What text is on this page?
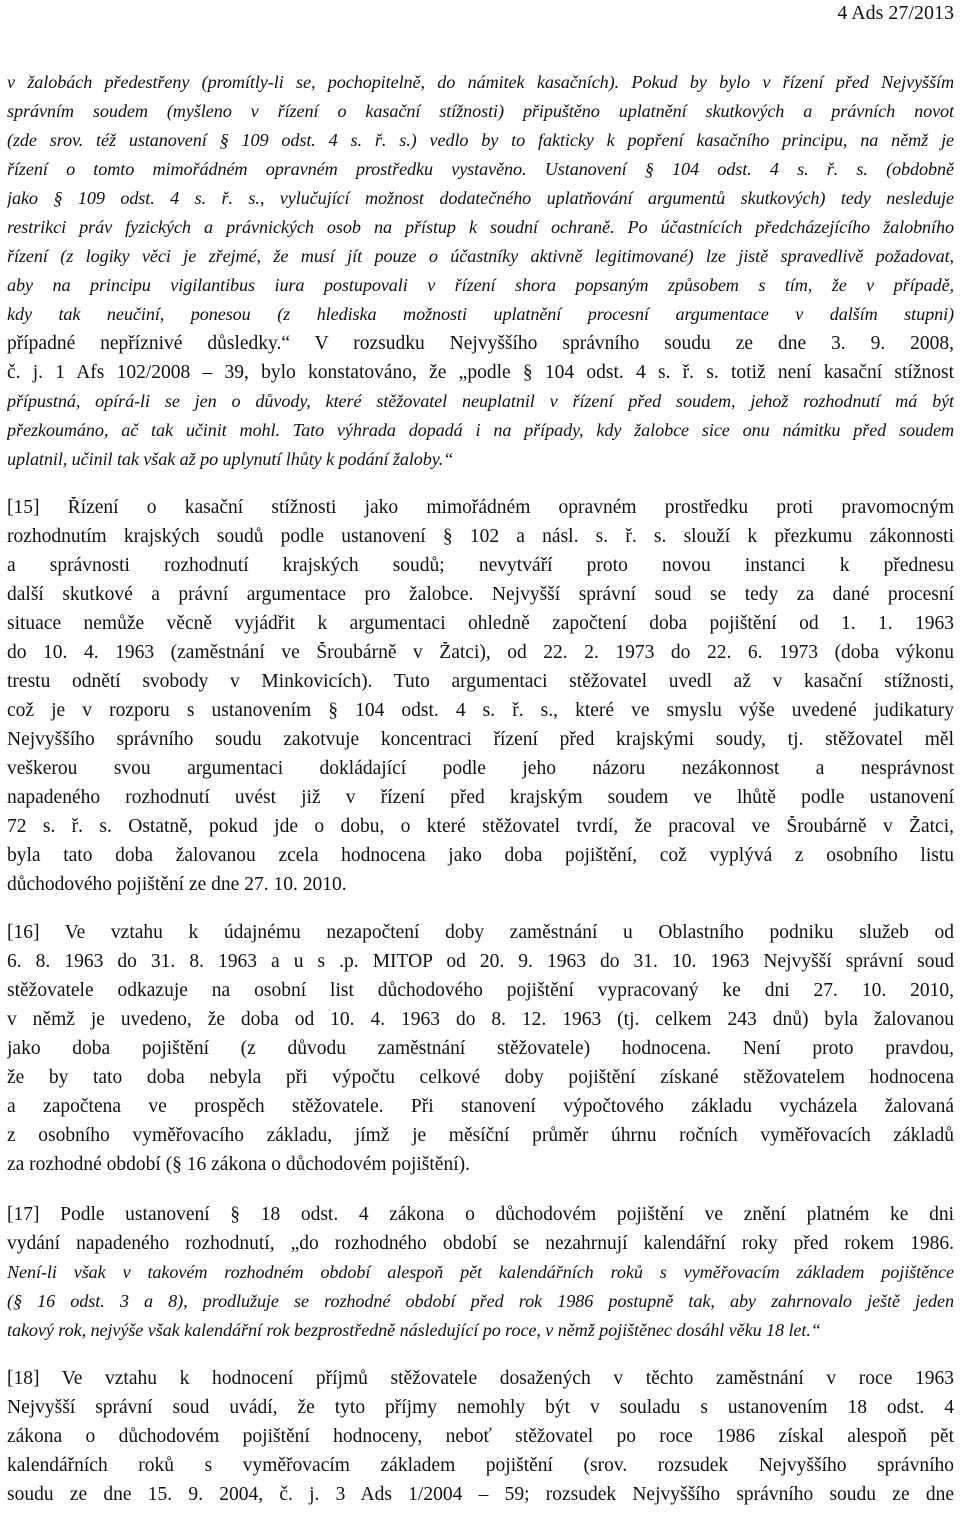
4 Ads 27/2013
v žalobách předestřeny (promítly-li se, pochopitelně, do námitek kasačních). Pokud by bylo v řízení před Nejvyšším
správním soudem (myšleno v řízení o kasační stížnosti) připuštěno uplatnění skutkových a právních novot
(zde srov. též ustanovení § 109 odst. 4 s. ř. s.) vedlo by to fakticky k popření kasačního principu, na němž je
řízení o tomto mimořádném opravném prostředku vystavěno. Ustanovení § 104 odst. 4 s. ř. s. (obdobně
jako § 109 odst. 4 s. ř. s., vylučující možnost dodatečného uplatňování argumentů skutkových) tedy nesleduje
restrikci práv fyzických a právnických osob na přístup k soudní ochraně. Po účastnících předcházejícího žalobního
řízení (z logiky věci je zřejmé, že musí jít pouze o účastníky aktivně legitimované) lze jistě spravedlivě požadovat,
aby na principu vigilantibus iura postupovali v řízení shora popsaným způsobem s tím, že v případě,
kdy tak neučiní, ponesou (z hlediska možnosti uplatnění procesní argumentace v dalším stupni)
případné nepříznivé důsledky.“ V rozsudku Nejvyššího správního soudu ze dne 3. 9. 2008,
č. j. 1 Afs 102/2008 – 39, bylo konstatováno, že „podle § 104 odst. 4 s. ř. s. totiž není kasační stížnost
přípustná, opírá-li se jen o důvody, které stěžovatel neuplatnil v řízení před soudem, jehož rozhodnutí má být
přezkoumáno, ač tak učinit mohl. Tato výhrada dopadá i na případy, kdy žalobce sice onu námitku před soudem
uplatnil, učinil tak však až po uplynutí lhůty k podání žaloby.“
[15] Řízení o kasační stížnosti jako mimořádném opravném prostředku proti pravomocným
rozhodnutím krajských soudů podle ustanovení § 102 a násl. s. ř. s. slouží k přezkumu zákonnosti
a správnosti rozhodnutí krajských soudů; nevytváří proto novou instanci k přednesu
další skutkové a právní argumentace pro žalobce. Nejvyšší správní soud se tedy za dané procesní
situace nemůže věcně vyjádřit k argumentaci ohledně započtení doba pojištění od 1. 1. 1963
do 10. 4. 1963 (zaměstnání ve Šroubárně v Žatci), od 22. 2. 1973 do 22. 6. 1973 (doba výkonu
trestu odnětí svobody v Minkovicích). Tuto argumentaci stěžovatel uvedl až v kasační stížnosti,
což je v rozporu s ustanovením § 104 odst. 4 s. ř. s., které ve smyslu výše uvedené judikatury
Nejvyššího správního soudu zakotvuje koncentraci řízení před krajskými soudy, tj. stěžovatel měl
veškerou svou argumentaci dokládající podle jeho názoru nezákonnost a nesprávnost
napadeného rozhodnutí uvést již v řízení před krajským soudem ve lhůtě podle ustanovení
72 s. ř. s. Ostatně, pokud jde o dobu, o které stěžovatel tvrdí, že pracoval ve Šroubárně v Žatci,
byla tato doba žalovanou zcela hodnocena jako doba pojištění, což vyplývá z osobního listu
důchodového pojištění ze dne 27. 10. 2010.
[16] Ve vztahu k údajnému nezapočtení doby zaměstnání u Oblastního podniku služeb od
6. 8. 1963 do 31. 8. 1963 a u s .p. MITOP od 20. 9. 1963 do 31. 10. 1963 Nejvyšší správní soud
stěžovatele odkazuje na osobní list důchodového pojištění vypracovaný ke dni 27. 10. 2010,
v němž je uvedeno, že doba od 10. 4. 1963 do 8. 12. 1963 (tj. celkem 243 dnů) byla žalovanou
jako doba pojištění (z důvodu zaměstnání stěžovatele) hodnocena. Není proto pravdou,
že by tato doba nebyla při výpočtu celkové doby pojištění získané stěžovatelem hodnocena
a započtena ve prospěch stěžovatele. Při stanovení výpočtového základu vycházela žalovaná
z osobního vyměřovacího základu, jímž je měsíční průměr úhrnu ročních vyměřovacích základů
za rozhodné období (§ 16 zákona o důchodovém pojištění).
[17] Podle ustanovení § 18 odst. 4 zákona o důchodovém pojištění ve znění platném ke dni
vydání napadeného rozhodnutí, „do rozhodného období se nezahrnují kalendářní roky před rokem 1986.
Není-li však v takovém rozhodném období alespoň pět kalendářních roků s vyměřovacím základem pojištěnce
(§ 16 odst. 3 a 8), prodlužuje se rozhodné období před rok 1986 postupně tak, aby zahrnovalo ještě jeden
takový rok, nejvýše však kalendářní rok bezprostředně následující po roce, v němž pojištěnec dosáhl věku 18 let.“
[18] Ve vztahu k hodnocení příjmů stěžovatele dosažených v těchto zaměstnání v roce 1963
Nejvyšší správní soud uvádí, že tyto příjmy nemohly být v souladu s ustanovením 18 odst. 4
zákona o důchodovém pojištění hodnoceny, neboť stěžovatel po roce 1986 získal alespoň pět
kalendářních roků s vyměřovacím základem pojištění (srov. rozsudek Nejvyššího správního
soudu ze dne 15. 9. 2004, č. j. 3 Ads 1/2004 – 59; rozsudek Nejvyššího správního soudu ze dne
